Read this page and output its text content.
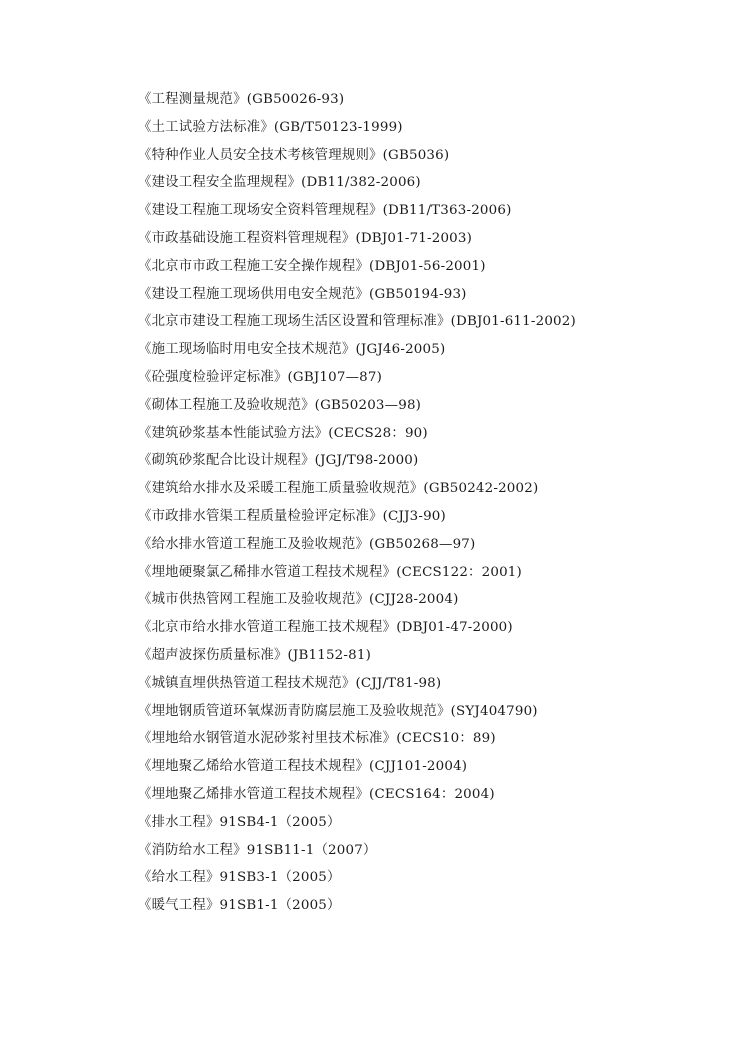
《工程测量规范》(GB50026-93)
《土工试验方法标准》(GB/T50123-1999)
《特种作业人员安全技术考核管理规则》(GB5036)
《建设工程安全监理规程》(DB11/382-2006)
《建设工程施工现场安全资料管理规程》(DB11/T363-2006)
《市政基础设施工程资料管理规程》(DBJ01-71-2003)
《北京市市政工程施工安全操作规程》(DBJ01-56-2001)
《建设工程施工现场供用电安全规范》(GB50194-93)
《北京市建设工程施工现场生活区设置和管理标准》(DBJ01-611-2002)
《施工现场临时用电安全技术规范》(JGJ46-2005)
《砼强度检验评定标准》(GBJ107—87)
《砌体工程施工及验收规范》(GB50203—98)
《建筑砂浆基本性能试验方法》(CECS28：90)
《砌筑砂浆配合比设计规程》(JGJ/T98-2000)
《建筑给水排水及采暖工程施工质量验收规范》(GB50242-2002)
《市政排水管渠工程质量检验评定标准》(CJJ3-90)
《给水排水管道工程施工及验收规范》(GB50268—97)
《埋地硬聚氯乙稀排水管道工程技术规程》(CECS122：2001)
《城市供热管网工程施工及验收规范》(CJJ28-2004)
《北京市给水排水管道工程施工技术规程》(DBJ01-47-2000)
《超声波探伤质量标准》(JB1152-81)
《城镇直埋供热管道工程技术规范》(CJJ/T81-98)
《埋地钢质管道环氧煤沥青防腐层施工及验收规范》(SYJ404790)
《埋地给水钢管道水泥砂浆衬里技术标准》(CECS10：89)
《埋地聚乙烯给水管道工程技术规程》(CJJ101-2004)
《埋地聚乙烯排水管道工程技术规程》(CECS164：2004)
《排水工程》91SB4-1（2005）
《消防给水工程》91SB11-1（2007）
《给水工程》91SB3-1（2005）
《暖气工程》91SB1-1（2005）
